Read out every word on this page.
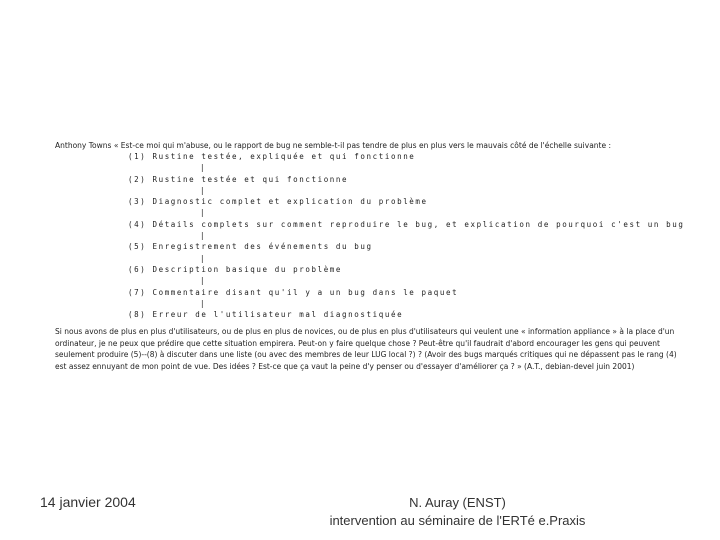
Anthony Towns « Est-ce moi qui m'abuse, ou le rapport de bug ne semble-t-il pas tendre de plus en plus vers le mauvais côté de l'échelle suivante :
(1) Rustine testée, expliquée et qui fonctionne
|
(2) Rustine testée et qui fonctionne
|
(3) Diagnostic complet et explication du problème
|
(4) Détails complets sur comment reproduire le bug, et explication de pourquoi c'est un bug
|
(5) Enregistrement des événements du bug
|
(6) Description basique du problème
|
(7) Commentaire disant qu'il y a un bug dans le paquet
|
(8) Erreur de l'utilisateur mal diagnostiquée
Si nous avons de plus en plus d'utilisateurs, ou de plus en plus de novices, ou de plus en plus d'utilisateurs qui veulent une « information appliance » à la place d'un ordinateur, je ne peux que prédire que cette situation empirera. Peut-on y faire quelque chose ? Peut-être qu'il faudrait d'abord encourager les gens qui peuvent seulement produire (5)--(8) à discuter dans une liste (ou avec des membres de leur LUG local ?) ? (Avoir des bugs marqués critiques qui ne dépassent pas le rang (4) est assez ennuyant de mon point de vue. Des idées ? Est-ce que ça vaut la peine d'y penser ou d'essayer d'améliorer ça ? » (A.T., debian-devel juin 2001)
14 janvier 2004	N. Auray (ENST)
intervention au séminaire de l'ERTé e.Praxis
